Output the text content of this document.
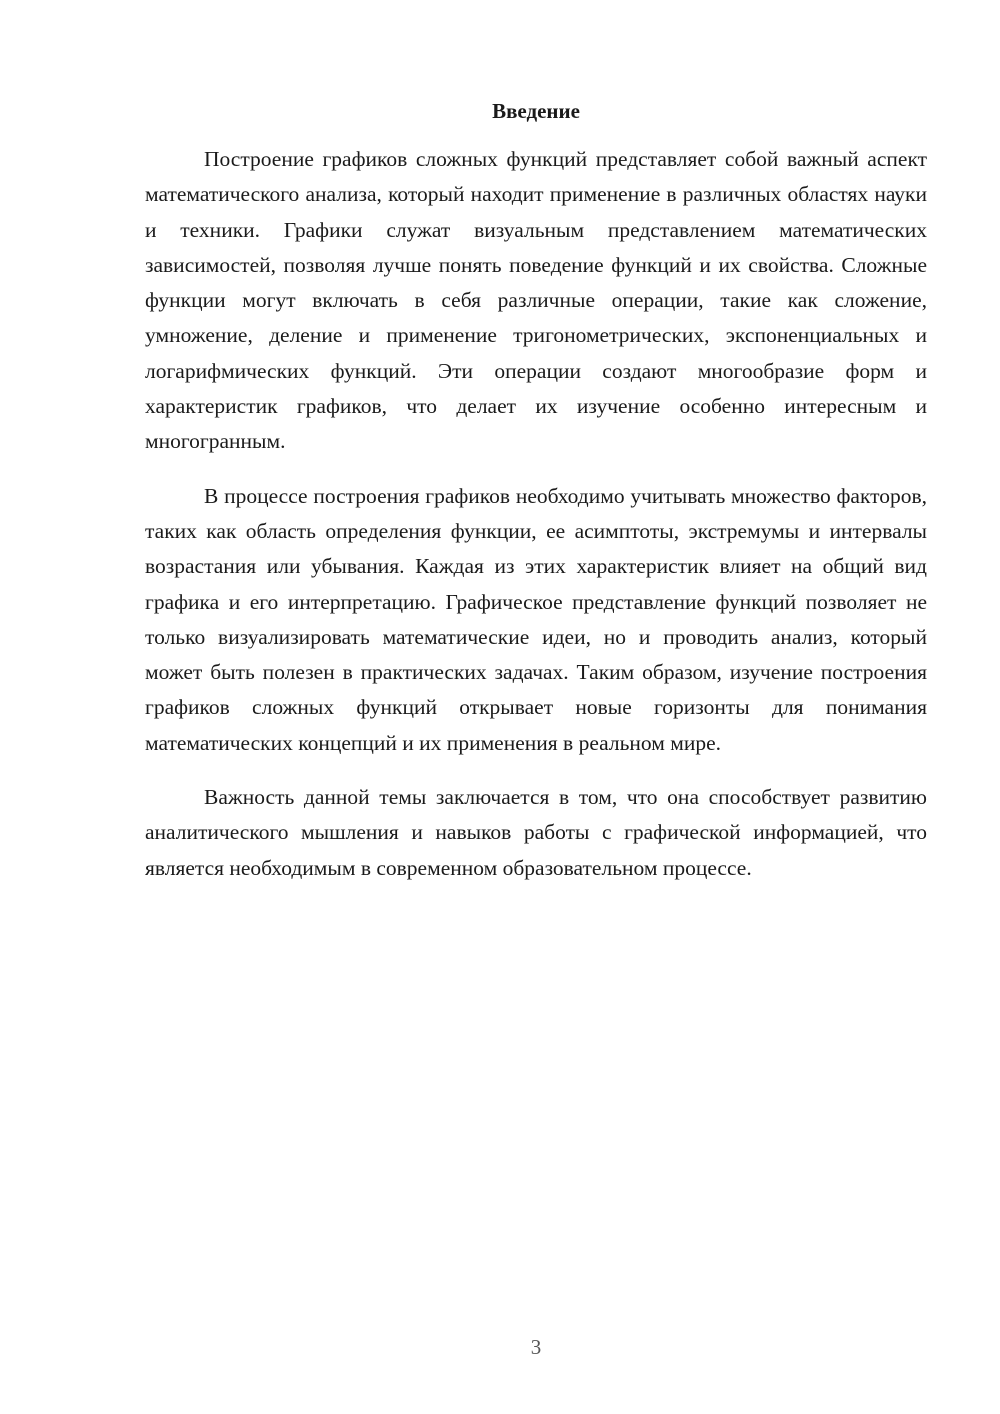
Введение

Построение графиков сложных функций представляет собой важный аспект математического анализа, который находит применение в различных областях науки и техники. Графики служат визуальным представлением математических зависимостей, позволяя лучше понять поведение функций и их свойства. Сложные функции могут включать в себя различные операции, такие как сложение, умножение, деление и применение тригонометрических, экспоненциальных и логарифмических функций. Эти операции создают многообразие форм и характеристик графиков, что делает их изучение особенно интересным и многогранным.

В процессе построения графиков необходимо учитывать множество факторов, таких как область определения функции, ее асимптоты, экстремумы и интервалы возрастания или убывания. Каждая из этих характеристик влияет на общий вид графика и его интерпретацию. Графическое представление функций позволяет не только визуализировать математические идеи, но и проводить анализ, который может быть полезен в практических задачах. Таким образом, изучение построения графиков сложных функций открывает новые горизонты для понимания математических концепций и их применения в реальном мире.

Важность данной темы заключается в том, что она способствует развитию аналитического мышления и навыков работы с графической информацией, что является необходимым в современном образовательном процессе.

3
